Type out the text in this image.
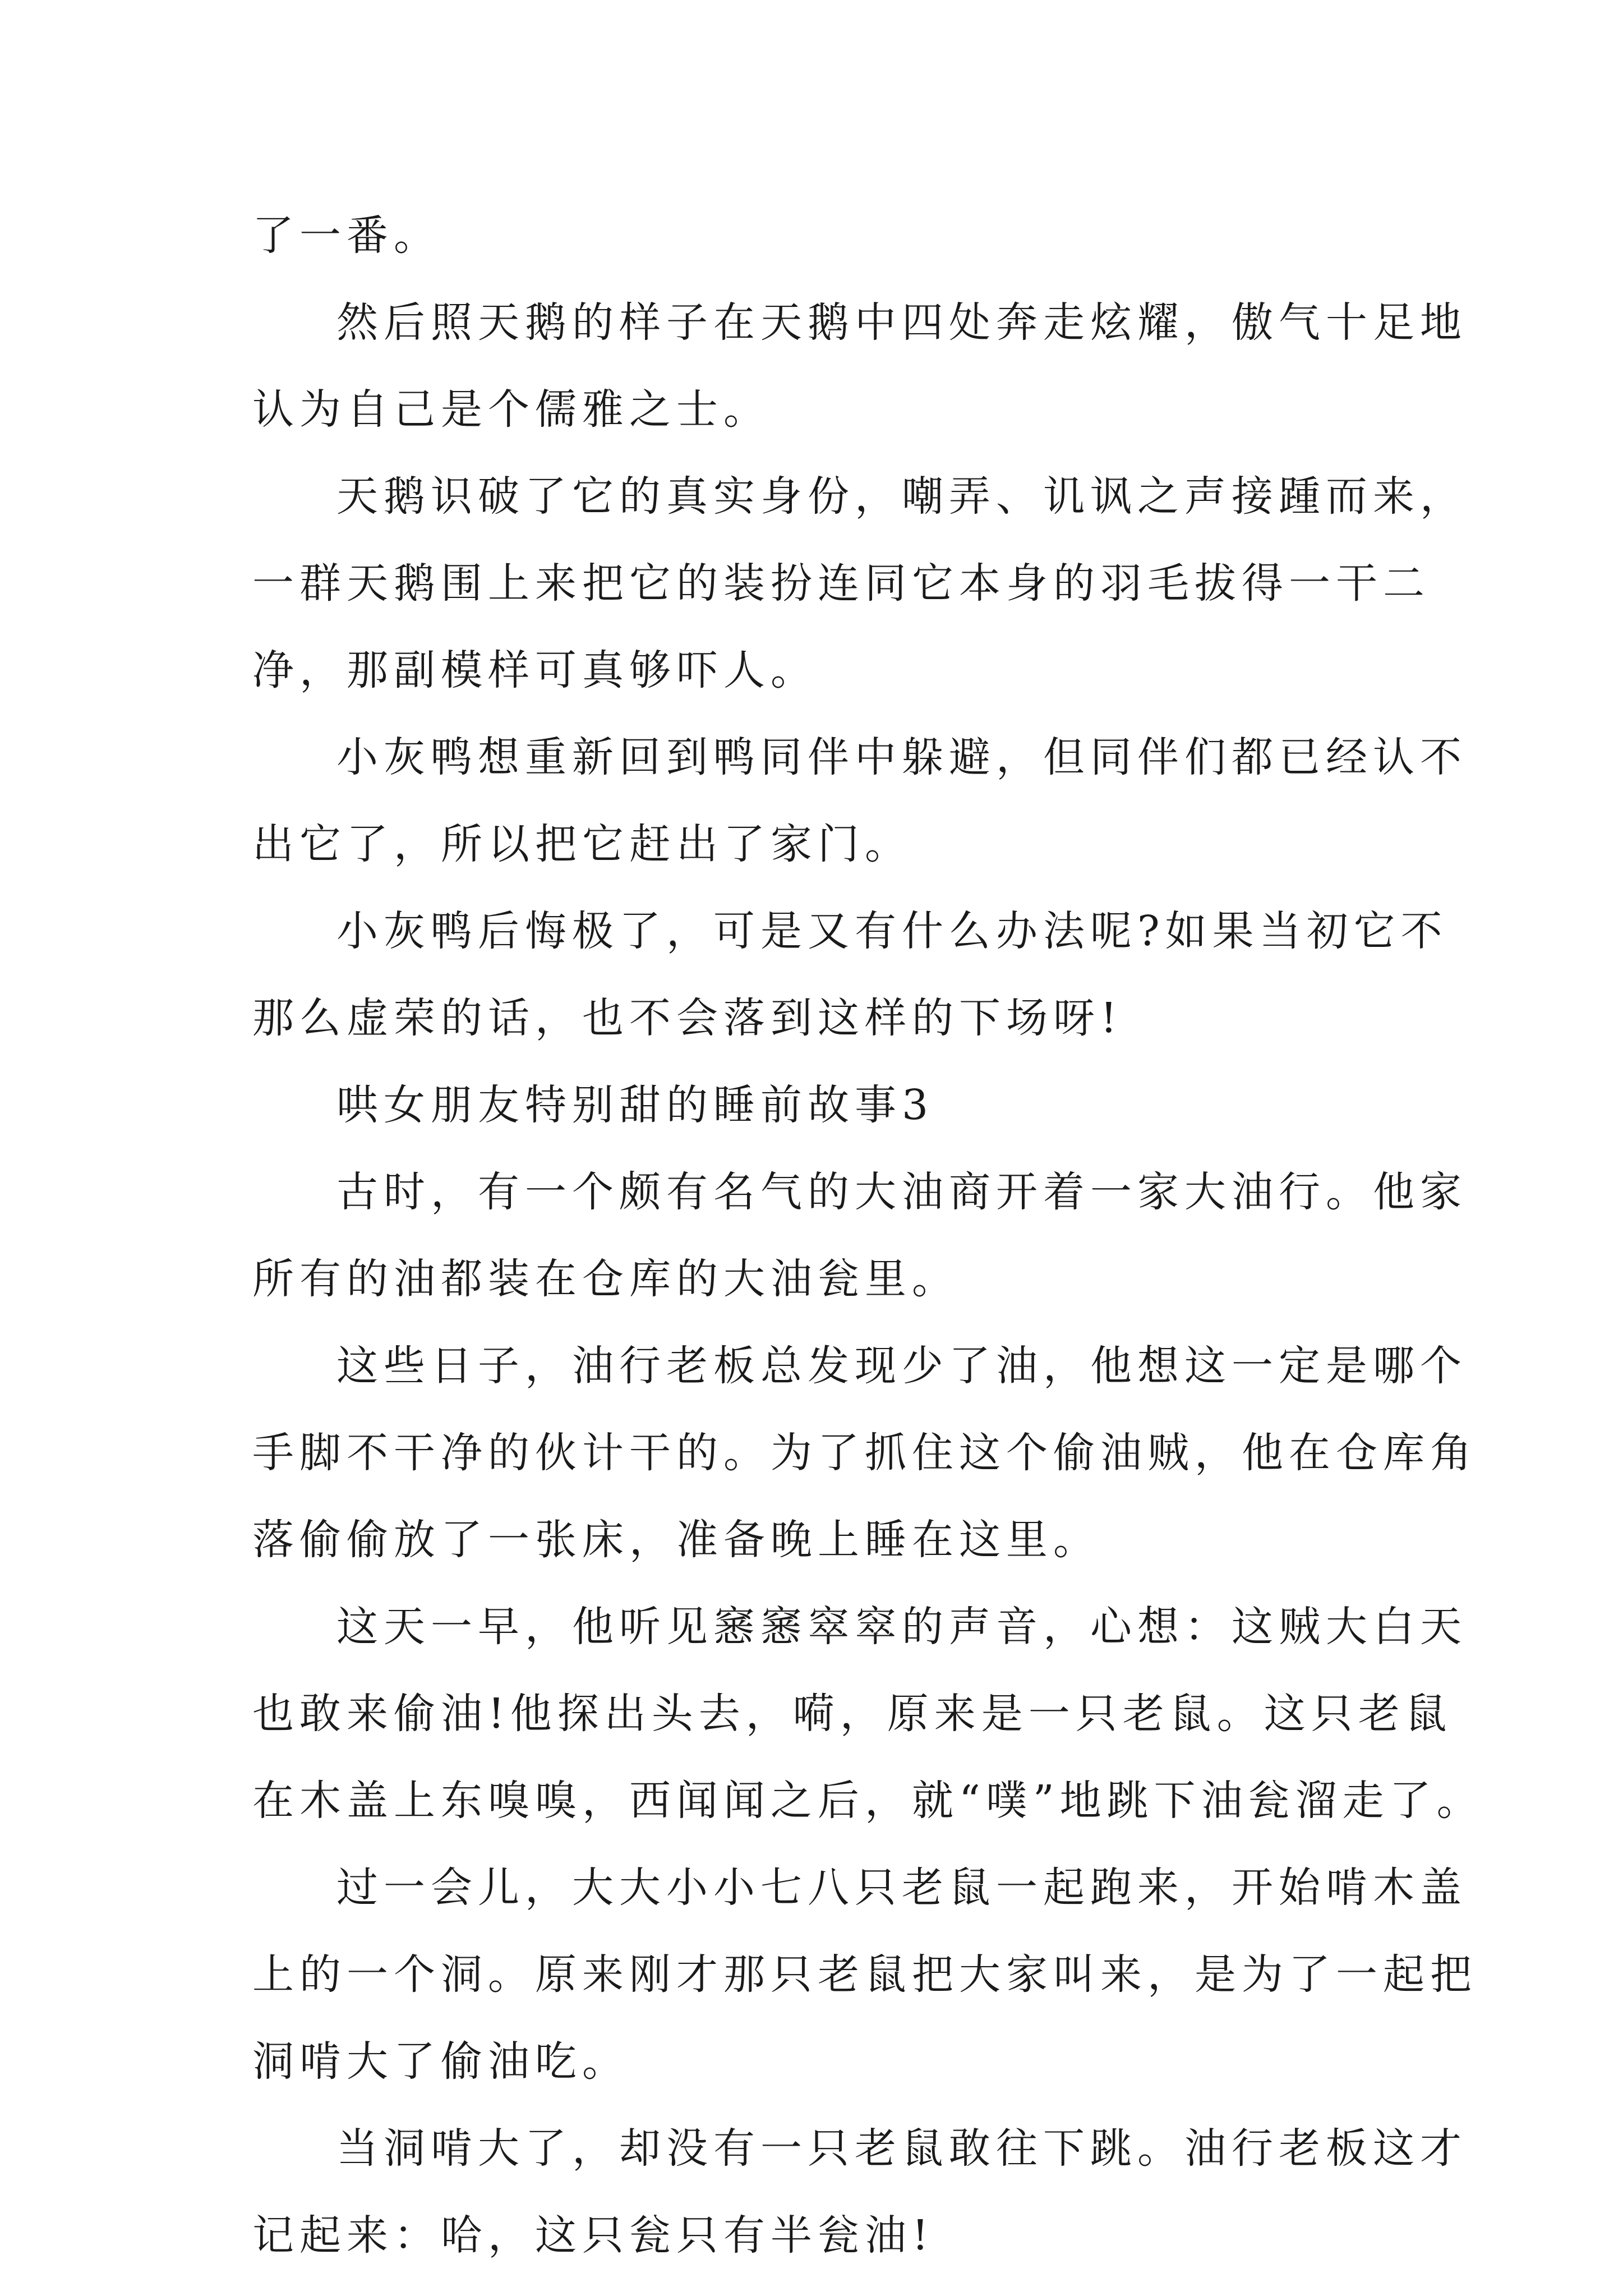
了一番。
然后照天鹅的样子在天鹅中四处奔走炫耀，傲气十足地
认为自己是个儒雅之士。
天鹅识破了它的真实身份，嘲弄、讥讽之声接踵而来，
一群天鹅围上来把它的装扮连同它本身的羽毛拔得一干二
净，那副模样可真够吓人。
小灰鸭想重新回到鸭同伴中躲避，但同伴们都已经认不
出它了，所以把它赶出了家门。
小灰鸭后悔极了，可是又有什么办法呢?如果当初它不
那么虚荣的话，也不会落到这样的下场呀!
哄女朋友特别甜的睡前故事3
古时，有一个颇有名气的大油商开着一家大油行。他家
所有的油都装在仓库的大油瓮里。
这些日子，油行老板总发现少了油，他想这一定是哪个
手脚不干净的伙计干的。为了抓住这个偷油贼，他在仓库角
落偷偷放了一张床，准备晚上睡在这里。
这天一早，他听见窸窸窣窣的声音，心想：这贼大白天
也敢来偷油!他探出头去，嗬，原来是一只老鼠。这只老鼠
在木盖上东嗅嗅，西闻闻之后，就“噗”地跳下油瓮溜走了。
过一会儿，大大小小七八只老鼠一起跑来，开始啃木盖
上的一个洞。原来刚才那只老鼠把大家叫来，是为了一起把
洞啃大了偷油吃。
当洞啃大了，却没有一只老鼠敢往下跳。油行老板这才
记起来：哈，这只瓮只有半瓮油!
